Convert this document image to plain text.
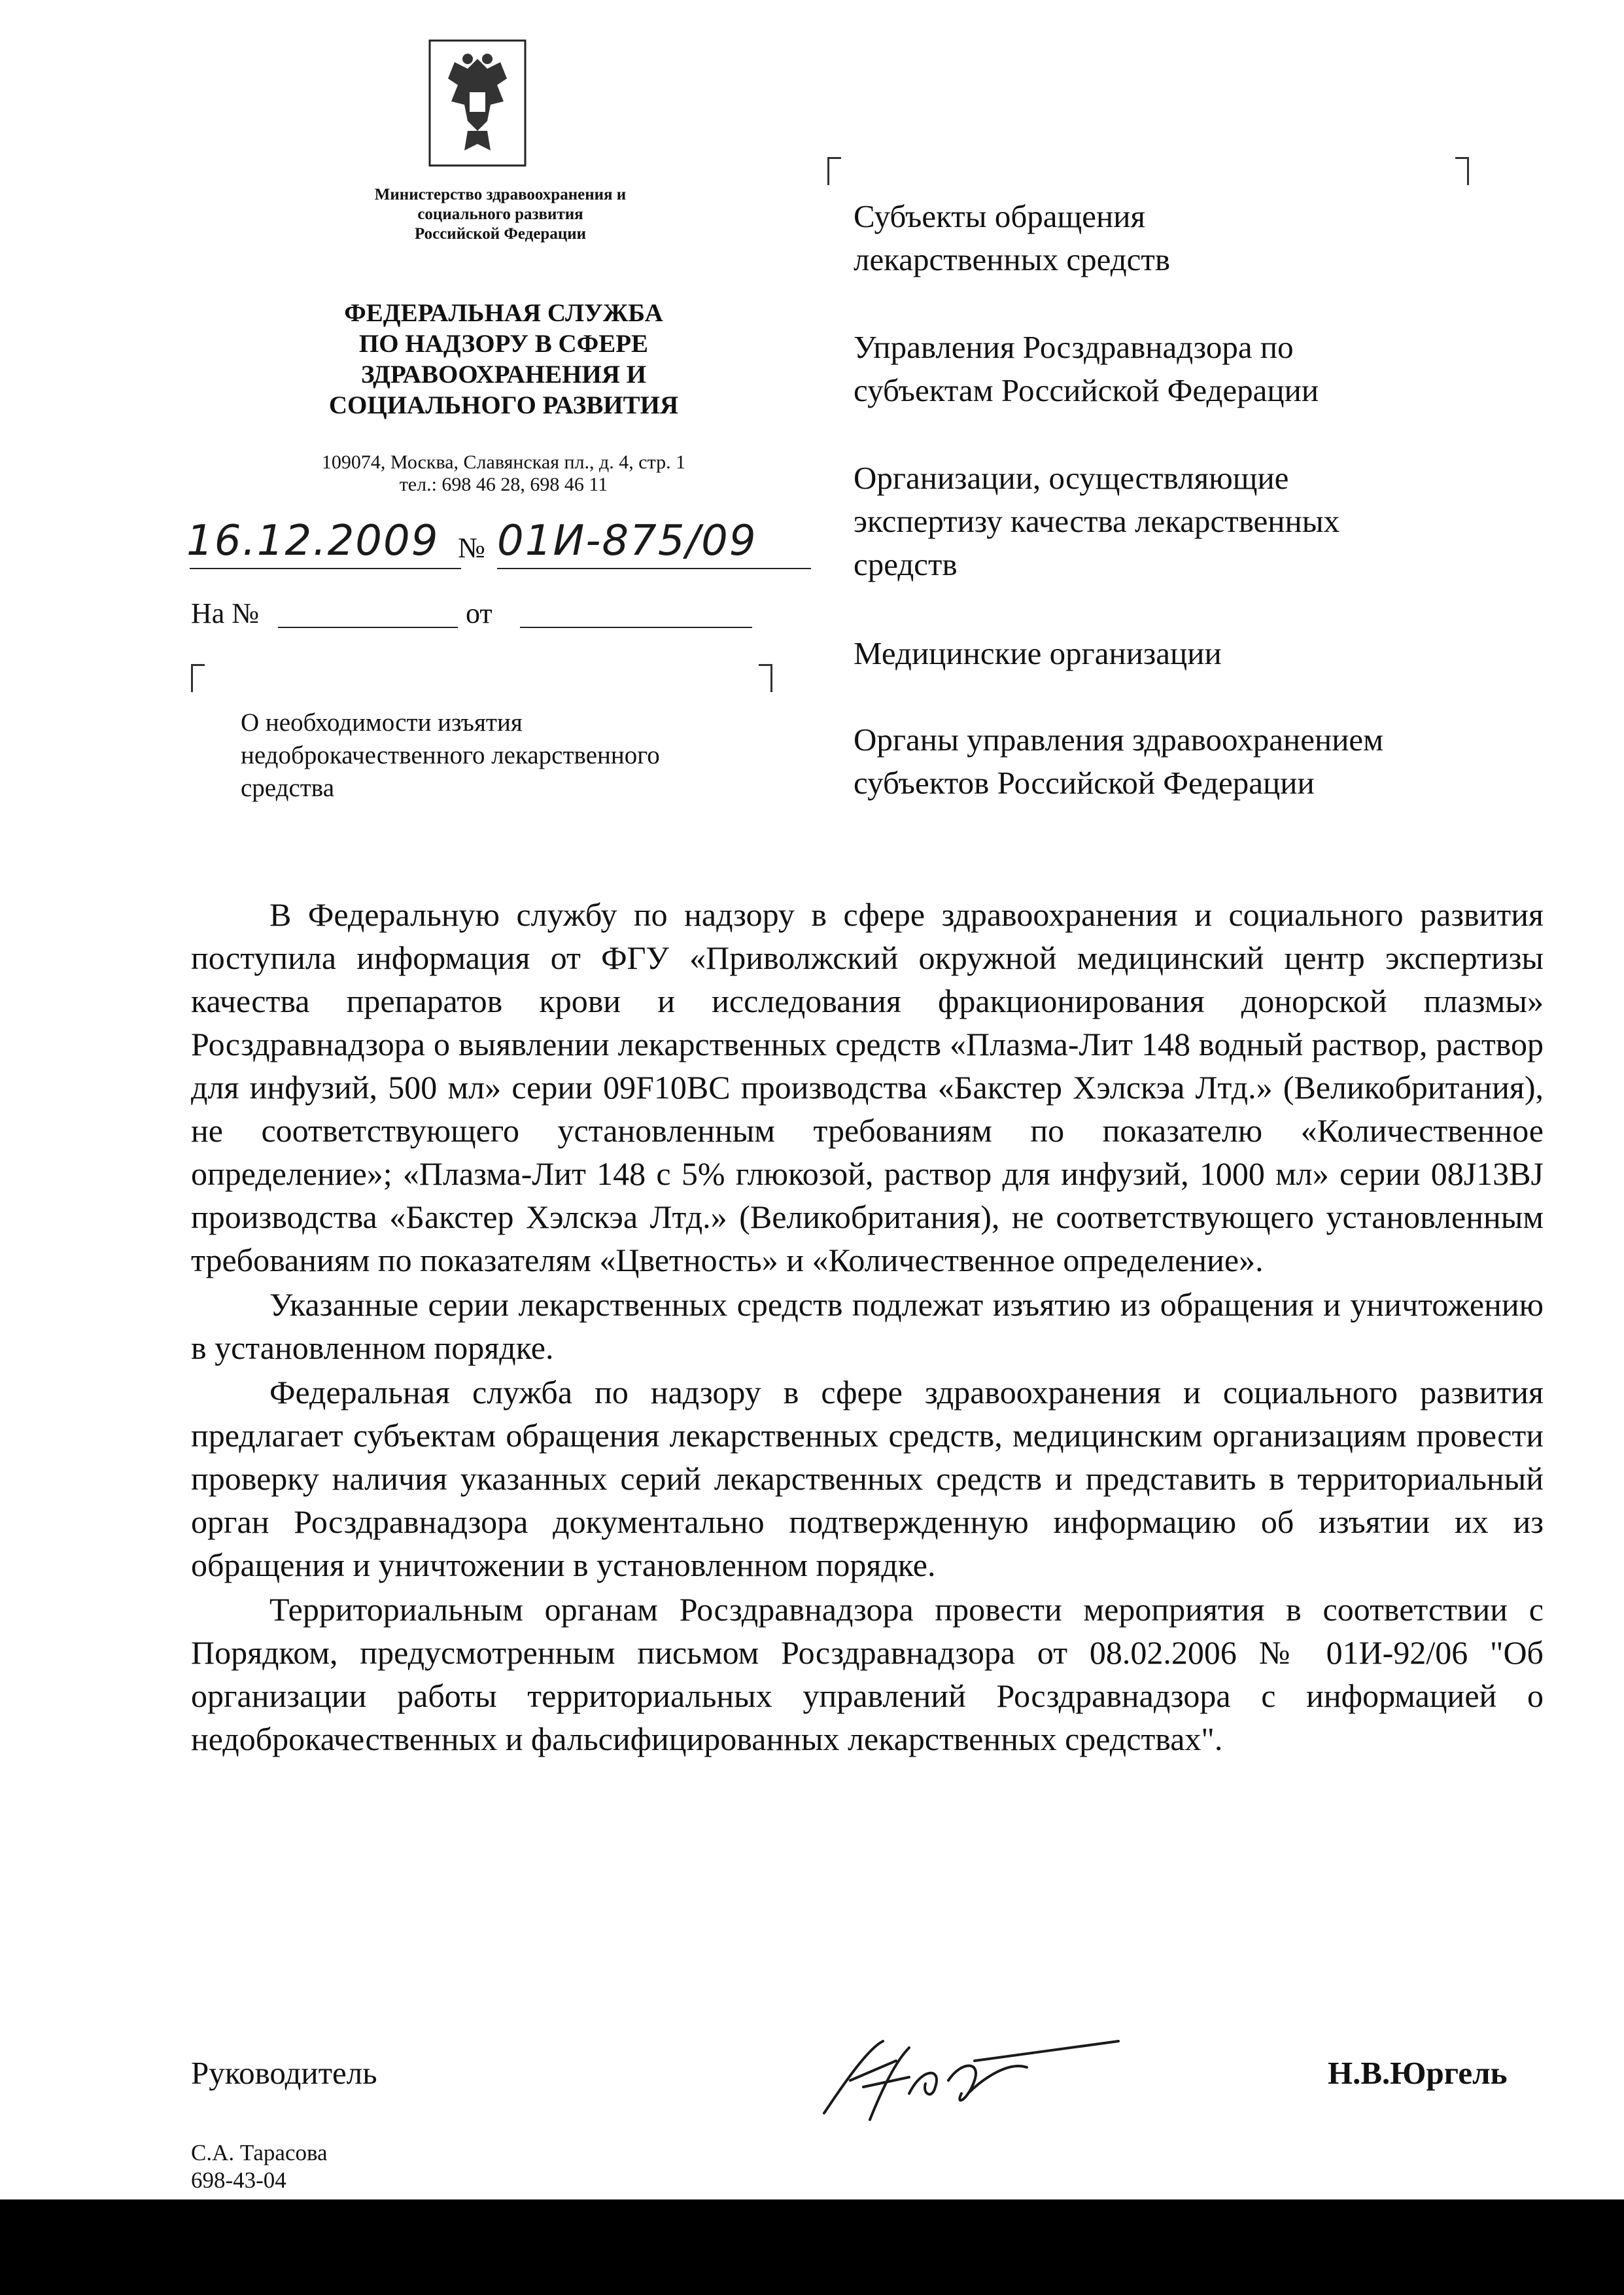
Министерство здравоохранения и
социального развития
Российской Федерации
ФЕДЕРАЛЬНАЯ СЛУЖБА
ПО НАДЗОРУ В СФЕРЕ
ЗДРАВООХРАНЕНИЯ И
СОЦИАЛЬНОГО РАЗВИТИЯ
109074, Москва, Славянская пл., д. 4, стр. 1
тел.: 698 46 28, 698 46 11
16.12.2009 № 01И-875/09
На №	от
О необходимости изъятия
недоброкачественного лекарственного
средства
Субъекты обращения
лекарственных средств
Управления Росздравнадзора по
субъектам Российской Федерации
Организации, осуществляющие
экспертизу качества лекарственных
средств
Медицинские организации
Органы управления здравоохранением
субъектов Российской Федерации

В Федеральную службу по надзору в сфере здравоохранения и социального развития поступила информация от ФГУ «Приволжский окружной медицинский центр экспертизы качества препаратов крови и исследования фракционирования донорской плазмы» Росздравнадзора о выявлении лекарственных средств «Плазма-Лит 148 водный раствор, раствор для инфузий, 500 мл» серии 09F10BC производства «Бакстер Хэлскэа Лтд.» (Великобритания), не соответствующего установленным требованиям по показателю «Количественное определение»; «Плазма-Лит 148 с 5% глюкозой, раствор для инфузий, 1000 мл» серии 08J13BJ производства «Бакстер Хэлскэа Лтд.» (Великобритания), не соответствующего установленным требованиям по показателям «Цветность» и «Количественное определение».

Указанные серии лекарственных средств подлежат изъятию из обращения и уничтожению в установленном порядке.

Федеральная служба по надзору в сфере здравоохранения и социального развития предлагает субъектам обращения лекарственных средств, медицинским организациям провести проверку наличия указанных серий лекарственных средств и представить в территориальный орган Росздравнадзора документально подтвержденную информацию об изъятии их из обращения и уничтожении в установленном порядке.

Территориальным органам Росздравнадзора провести мероприятия в соответствии с Порядком, предусмотренным письмом Росздравнадзора от 08.02.2006 № 01И-92/06 "Об организации работы территориальных управлений Росздравнадзора с информацией о недоброкачественных и фальсифицированных лекарственных средствах".

Руководитель	Н.В.Юргель
С.А. Тарасова
698-43-04
